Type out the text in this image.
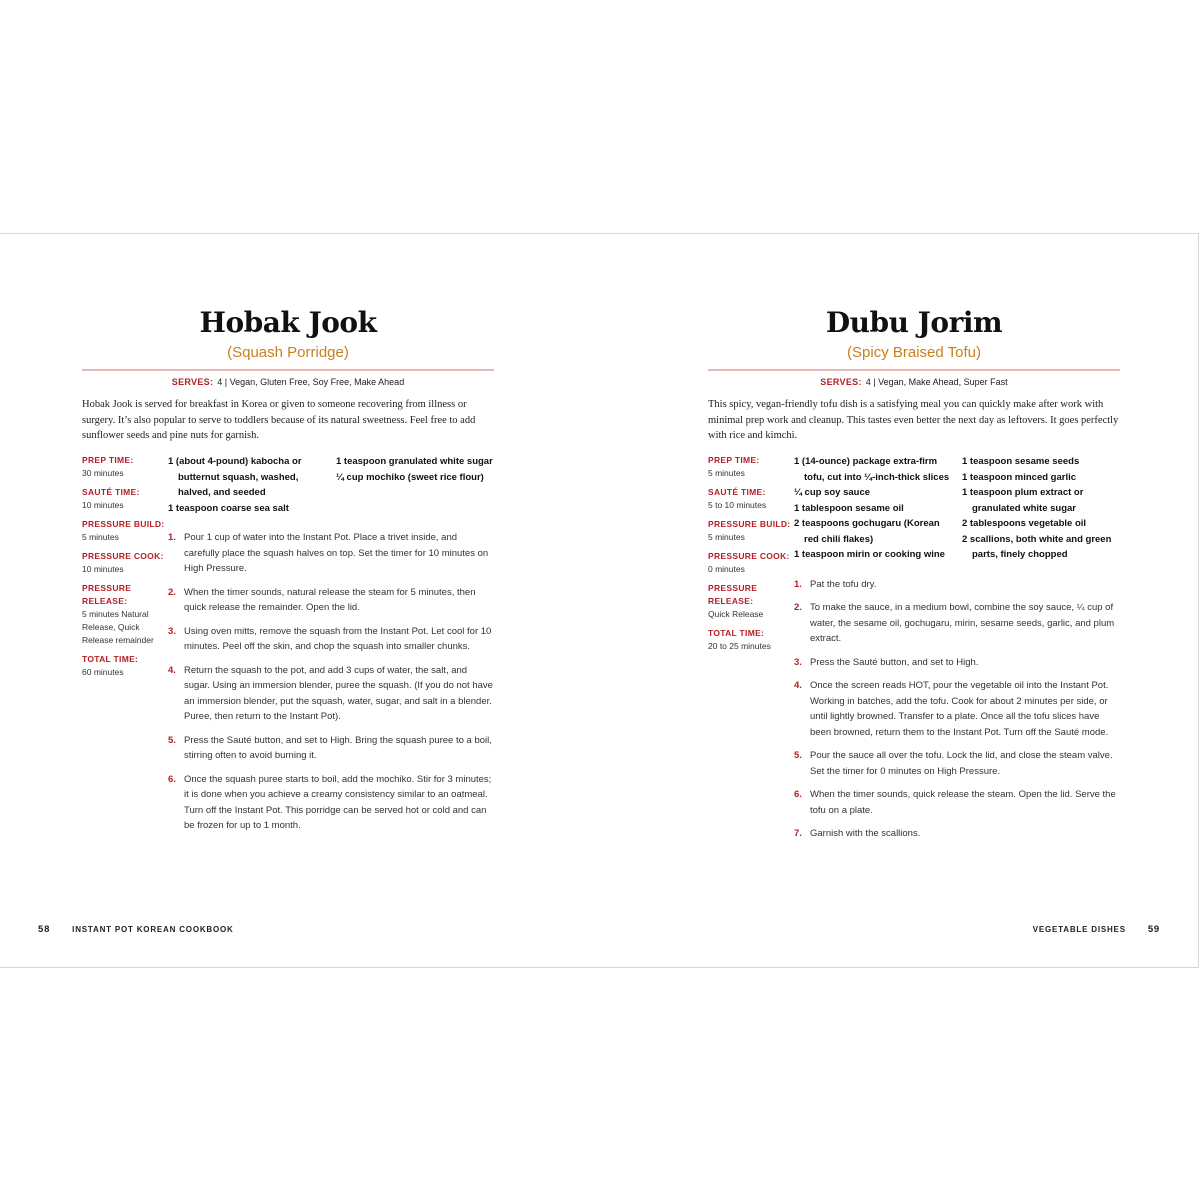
Hobak Jook
(Squash Porridge)
SERVES: 4 | Vegan, Gluten Free, Soy Free, Make Ahead

Hobak Jook is served for breakfast in Korea or given to someone recovering from illness or surgery. It’s also popular to serve to toddlers because of its natural sweetness. Feel free to add sunflower seeds and pine nuts for garnish.

PREP TIME:
30 minutes
SAUTÉ TIME:
10 minutes
PRESSURE BUILD:
5 minutes
PRESSURE COOK:
10 minutes
PRESSURE RELEASE:
5 minutes Natural Release, Quick Release remainder
TOTAL TIME:
60 minutes

1 (about 4-pound) kabocha or butternut squash, washed, halved, and seeded

1 teaspoon coarse sea salt

1 teaspoon granulated white sugar

¼ cup mochiko (sweet rice flour)

1. Pour 1 cup of water into the Instant Pot. Place a trivet inside, and carefully place the squash halves on top. Set the timer for 10 minutes on High Pressure.
2. When the timer sounds, natural release the steam for 5 minutes, then quick release the remainder. Open the lid.
3. Using oven mitts, remove the squash from the Instant Pot. Let cool for 10 minutes. Peel off the skin, and chop the squash into smaller chunks.
4. Return the squash to the pot, and add 3 cups of water, the salt, and sugar. Using an immersion blender, puree the squash. (If you do not have an immersion blender, put the squash, water, sugar, and salt in a blender. Puree, then return to the Instant Pot).
5. Press the Sauté button, and set to High. Bring the squash puree to a boil, stirring often to avoid burning it.
6. Once the squash puree starts to boil, add the mochiko. Stir for 3 minutes; it is done when you achieve a creamy consistency similar to an oatmeal. Turn off the Instant Pot. This porridge can be served hot or cold and can be frozen for up to 1 month.
58	INSTANT POT KOREAN COOKBOOK
Dubu Jorim
(Spicy Braised Tofu)
SERVES: 4 | Vegan, Make Ahead, Super Fast

This spicy, vegan-friendly tofu dish is a satisfying meal you can quickly make after work with minimal prep work and cleanup. This tastes even better the next day as leftovers. It goes perfectly with rice and kimchi.

PREP TIME:
5 minutes
SAUTÉ TIME:
5 to 10 minutes
PRESSURE BUILD:
5 minutes
PRESSURE COOK:
0 minutes
PRESSURE RELEASE:
Quick Release
TOTAL TIME:
20 to 25 minutes

1 (14-ounce) package extra-firm tofu, cut into ¼-inch-thick slices

¼ cup soy sauce

1 tablespoon sesame oil

2 teaspoons gochugaru (Korean red chili flakes)

1 teaspoon mirin or cooking wine

1 teaspoon sesame seeds

1 teaspoon minced garlic

1 teaspoon plum extract or granulated white sugar

2 tablespoons vegetable oil

2 scallions, both white and green parts, finely chopped

1. Pat the tofu dry.
2. To make the sauce, in a medium bowl, combine the soy sauce, ¼ cup of water, the sesame oil, gochugaru, mirin, sesame seeds, garlic, and plum extract.
3. Press the Sauté button, and set to High.
4. Once the screen reads HOT, pour the vegetable oil into the Instant Pot. Working in batches, add the tofu. Cook for about 2 minutes per side, or until lightly browned. Transfer to a plate. Once all the tofu slices have been browned, return them to the Instant Pot. Turn off the Sauté mode.
5. Pour the sauce all over the tofu. Lock the lid, and close the steam valve. Set the timer for 0 minutes on High Pressure.
6. When the timer sounds, quick release the steam. Open the lid. Serve the tofu on a plate.
7. Garnish with the scallions.
VEGETABLE DISHES 59
